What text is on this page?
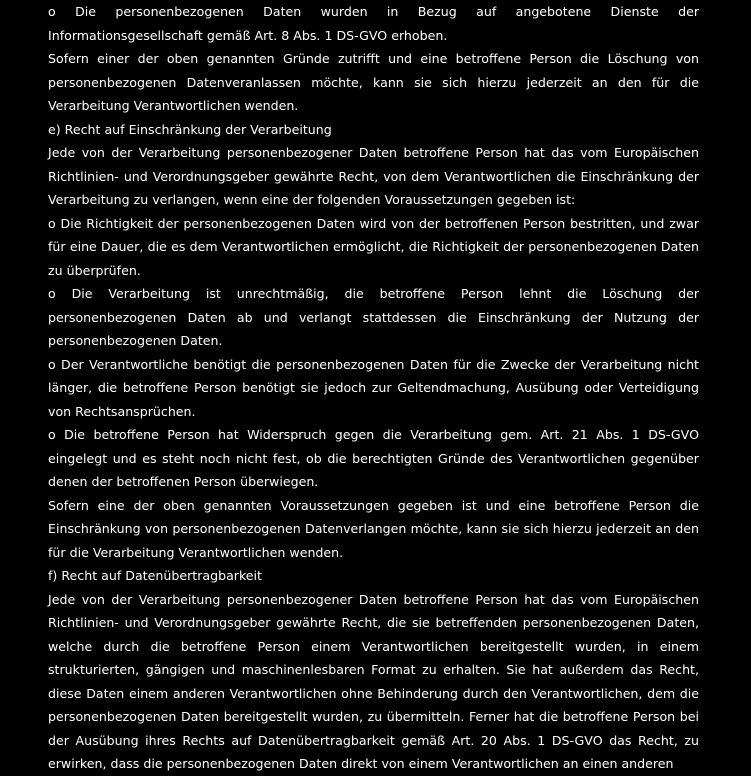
o Die personenbezogenen Daten wurden in Bezug auf angebotene Dienste der Informationsgesellschaft gemäß Art. 8 Abs. 1 DS-GVO erhoben.

Sofern einer der oben genannten Gründe zutrifft und eine betroffene Person die Löschung von personenbezogenen Datenveranlassen möchte, kann sie sich hierzu jederzeit an den für die Verarbeitung Verantwortlichen wenden.

e) Recht auf Einschränkung der Verarbeitung

Jede von der Verarbeitung personenbezogener Daten betroffene Person hat das vom Europäischen Richtlinien- und Verordnungsgeber gewährte Recht, von dem Verantwortlichen die Einschränkung der Verarbeitung zu verlangen, wenn eine der folgenden Voraussetzungen gegeben ist:

o Die Richtigkeit der personenbezogenen Daten wird von der betroffenen Person bestritten, und zwar für eine Dauer, die es dem Verantwortlichen ermöglicht, die Richtigkeit der personenbezogenen Daten zu überprüfen.

o Die Verarbeitung ist unrechtmäßig, die betroffene Person lehnt die Löschung der personenbezogenen Daten ab und verlangt stattdessen die Einschränkung der Nutzung der personenbezogenen Daten.

o Der Verantwortliche benötigt die personenbezogenen Daten für die Zwecke der Verarbeitung nicht länger, die betroffene Person benötigt sie jedoch zur Geltendmachung, Ausübung oder Verteidigung von Rechtsansprüchen.

o Die betroffene Person hat Widerspruch gegen die Verarbeitung gem. Art. 21 Abs. 1 DS-GVO eingelegt und es steht noch nicht fest, ob die berechtigten Gründe des Verantwortlichen gegenüber denen der betroffenen Person überwiegen.

Sofern eine der oben genannten Voraussetzungen gegeben ist und eine betroffene Person die Einschränkung von personenbezogenen Datenverlangen möchte, kann sie sich hierzu jederzeit an den für die Verarbeitung Verantwortlichen wenden.

f) Recht auf Datenübertragbarkeit

Jede von der Verarbeitung personenbezogener Daten betroffene Person hat das vom Europäischen Richtlinien- und Verordnungsgeber gewährte Recht, die sie betreffenden personenbezogenen Daten, welche durch die betroffene Person einem Verantwortlichen bereitgestellt wurden, in einem strukturierten, gängigen und maschinenlesbaren Format zu erhalten. Sie hat außerdem das Recht, diese Daten einem anderen Verantwortlichen ohne Behinderung durch den Verantwortlichen, dem die personenbezogenen Daten bereitgestellt wurden, zu übermitteln. Ferner hat die betroffene Person bei der Ausübung ihres Rechts auf Datenübertragbarkeit gemäß Art. 20 Abs. 1 DS-GVO das Recht, zu erwirken, dass die personenbezogenen Daten direkt von einem Verantwortlichen an einen anderen
